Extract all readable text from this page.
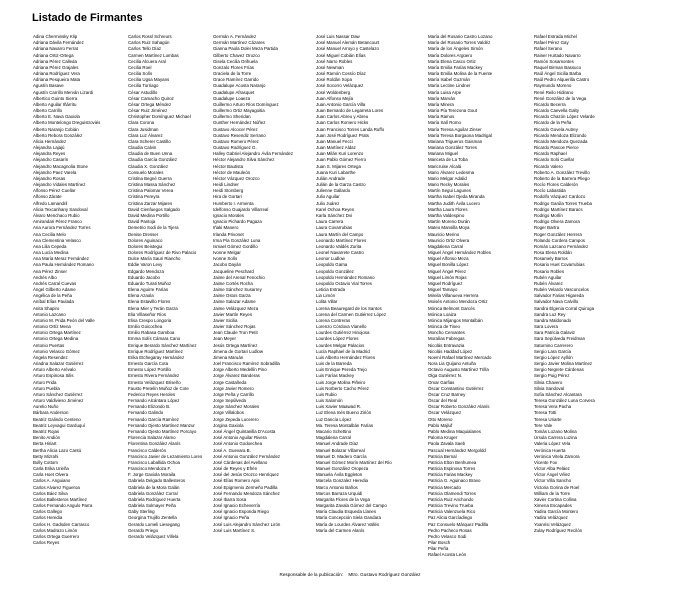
Listado de Firmantes
Adina Cherminsky Klip
Adriana Dávila Fernández
Adriana Navarro Ferrat
Adriana Ortiz-Ortega
Adriana Pérez Calleda
Adriana Pérez Grajales
Adriana Rodríguez Vera
Adriana Pesqueira Mata
Agustín Basave
Agustín Carrillo Merván Lizardi
Albertico Guinto Sierra
Alberto Aguilar Iñárritu
Alberto Carrillo
Alberto E. Nava Gaxiola
Alberto Montelongo Dreguistroviés
Alberto Naranjo Cobián
Alberto Rebora González
Alicia Hernández
Alejandra Lajajú
Alejandra Reyes
Alejandro Casarín
Alejandro Macagnolia Stone
Alejandro Paez Varela
Alejandro Rosas
Alejandro Vidales Martínez
Alfonso Pérez Cuellar
Alfonso Zárate
Alfredo Lamandril
Alicia Texcanhany Sandoval
Álvaro Menchaco Rubio
Amirandari Pérez Franco
Ana Aurora Fernández Torres
Ana Cecilia Melo
Ana Clementina Velasco
Ana Lilia Cepeda
Ana Lucía Medina
Ana María Meraz Fernández
Ana Paula Hernández Romano
Ana Pérez Zinser
Andrés Albo
Andrés Carral Cuevas
Ángel Gilberto Adame
Angélica de la Peña
Aníbal Elías Paulada
Anita Shapiro
Antonio Lazcano
Antonio M. Prida Peón del Valle
Antonio Ortíz Mena
Antonio Ortega Martínez
Antonio Ortega Medina
Antonio Puertas
Antonio Velasco Gómez
Ángela Resendez
Ariadna Salazar Gutiérrez
Arturo Alberto Arévalo
Arturo Espinosa Silis
Arturo Prida
Arturo Puebla
Arturo Sánchez Gutiérrez
Arturo Valdivieso Jiménez
Aurelio Nuño
Bárbara Anderson
Beatriz Galindo Centeno
Beatriz Leyvagui Garduquí
Beatriz Rojas
Benito Andión
Berta Hiriart
Bertha Alicia Lazo Cantú
Betty Mizrahi
Bolly Cottom
Carla Erika Urieña
Carla Hoet Olvera
Carlos A. Anguiano
Carlos Alvarez Figueroa
Carlos Báez Silva
Carlos Ballesteros Martínez
Carlos Fernando Angulo Parra
Carlos Gallego
Carlos Heredia
Carlos H. Gadsden Carrasco
Carlos Madrazo Limón
Carlos Ortega Guerrero
Carlos Reyes
Carlos Rossl Schreurs
Carlos Ruiz Sahagún
Carlos Tello Díaz
Carmen Martínez Lombas
Cecilia Alcuera Aral
Cecilia Roel
Cecilia Solís
Cecilia Ugsa Mayans
Cecilia Turriago
César Astudillo
César Camacho Quiroz
César Ortega Méndez
César Ruiz Jiménez
Christopher Domínguez Michael
Clara Corona
Clara Jusidman
Clara Luz Álvarez
Clara Scherer Castillo
Claudia Calvin
Claudia de Buen Unna
Claudia García González
Claudia X. González
Consuelo Morales
Cristina Begné Guerra
Cristina Massa Sánchez
Cristina Palomar Verea
Cristina Pereyra
Cristina Zarzar Mijares
David Cienfuegos Salgado
David Medina Portillo
David Pantoja
Demetrio Sodi de la Tijera
Denise Dresser
Dolores Aguinaco
Dolores Beistegui
Dolores Rodríguez de Rivo Palacio
Dulce María Sauri Riancho
Eddie Varon Levy
Edgardo Mendoza
Eduardo Jacobo
Eduardo Turati Muñoz
Elena Aguirre Farías
Elena Azaola
Elena Estavillo Flores
Elena Mier y Terán Garza
Elia Villaseñor Ríos
Elisa Crespo Longoria
Emilio Goicochea
Emilio Rabasa Gamboa
Emma Solís Cámara Cano
Enrique Berardo Sánchez Martínez
Enrique Rodríguez Martínez
Erika Etchegaray Hernández
Ernesto García Cota
Ernesto López Portillo
Ernesto Rivera Fernández
Ernesto Velázquez Briseño
Fausto Pretelín Muñoz de Cote
Federico Reyes Heroles
Fernando Alcántara López
Fernando Elizondo B.
Fernando Galindo
Fernando García Ramírez
Fernando Ojesto Martínez Manzur
Fernando Ojesto Martínez Porcayo
Florencia Salazar Alamo
Florentina González Alanís
Francisco Calderón
Francisco Javier de Lezamiento Lores
Francisco Laballida Ochoa
Francisco Mendoza F.
F. Jorge Gaxiola Moraila
Gabriela Delgado Ballesteros
Gabriela de la Mora Galán
Gabriela González Corral
Gabriela Rodríguez Huerta
Gabriela Solmayer Peña
Gaby Sterling
Georgina Trujillo Zentella
Gerardo Lomeli Liesegang
Gerardo Priego
Gerardo Velázquez Villela
Germán A. Fernández
Germán Martínez Cázares
Gianna Paola Dolei Meza Partida
Gilberto Chavez Orozco
Gisela Cecilia Orihuela
Gonzalo Flores Frías
Graciela de la Torre
Grace Ramírez Garrido
Guadalupe Acosta Naranjo
Guadalupe Afrasquet
Guadalupe Loaeza
Guillermo Arturo Ríos Domínguez
Guillermo Ortiz Mayagoitia
Guillermo Sheridan
Gunther Hernández Núñez
Gustavo Alcocer Pérez
Gustavo Resendiz Serrano
Gustavo Romero Pérez
Gustavo Rodríguez G.
Halley Gabriel Alejandro Ávila Fernández
Héctor Alejandro Silva Sánchez
Héctor Bautista
Héctor de Mauleón
Héctor Vázquez Orozco
Heidi Lindner
Heidi Storsberg
Hira de Gortari
Humberto I. Armenta
Idelfonso Guajardo Villarreal
Ignacio Morales
Ignacio Pichardo Pagaza
Iñaki Manero
Irlanda Privonet
Irma Pía González Luna
Ismael Gómez Gordillo
Ivonne Melgar
Ivonne Solís
Jacobo Dayán
Jacqueline Peschard
Jaime del Arenal Fenochio
Jaime Cortés Rocha
Jaime Sánchez Susarrey
Jaime Ostos Garza
Jaime Salazar Adame
Jaime Velázquez Meza
Javier Martín Reyes
Javier Sicilia
Javier Sánchez Rojas
Jean Claude Tron Petit
Jean Meyer
Jesús Ortega Martínez
Jimena de Gortari Ludlow
Jimena Maruán
Joel Francisco Ramírez Sobradilla
Jorge Alberto Medellín Pino
Jorge Álvarez Banderas
Jorge Castañeda
Jorge Javier Romero
Jorge Peña y Carrillo
Jorge Sepúlveda
Jorge Sánchez Morales
Jorge Villalobos
Jorge Zepeda Lucerero
Jorgina Gaxiola
José Ángel Quintanilla D'Acosta
José Antonio Aguilar Rivera
José Antonio Godoechea
José A. Guevara B.
José Antonio González Fernández
José Cárdenas del Avellano
José de Reyes y Efrén
José del Jesús Orozco Henríquez
José Elías Romero Apis
José Epigmenio Zermeño Padilla
José Fernando Mendoza Sánchez
José Ibarra Sosa
José Ignacio Echeverría
José Ignacio Esponda Riego
José Ignacio Peña
José Luis Alejandro Sánchez Lirón
José Luis Martínez S.
José Luis Nassar Daw
José Manuel Alemán Betancourt
José Manuel Arroyo y Castelazo
José Miguel Cobián Elías
José Narro Robles
José Newman
José Ramón Cossío Díaz
José Roldán Xopa
José Socorro Velázquez
José Woldenberg
Juan Alfonso Mejía
Juan Antonio García Villa
Juan Bernardo de Legarreta Lores
Juan Carlos Abreu y Abreu
Juan Carlos Romero Hicks
Juan Francisco Torres Landa Ruffo
Juan José Rodríguez Prats
Juan Manuel Fecci
Juan Martínez Aldaz
Juan Milán Kuri Lorenzo
Juan Pablo Gómez Fierro
Juan S. Mijares Ortega
Juana Kuri Labarthe
Julián Andrade
Julián de la Garza Castro
Julienne Gallardo
Julio Aguilar
Julio Juárez
Karel Ochoa Reyes
Karla Sánchez Dvi
Laura Carrera
Laura Covarrubias
Laura Martín del Campo
Leonardo Martínez Flores
Leonardo Valdés Zurita
Leonel Navarrete Castro
Leonor Ludlow
Leopoldo Gama
Leopoldo González
Leopoldo Hernández Romano
Leopoldo Octavio Vial Torres
Leticia Estrada
Lia Limón
Lolita Villar
Lorena Beauregard de los Santos
Lorena del Carmen Gutiérrez López
Lorena Contreras
Lorenzo Córdova Vianello
Lourdes Gutiérrez Hinojosa
Lourdes López Flores
Lourdes Melgar Palacios
Lucía Raphael de la Madrid
Luis Alberto Hernández Flores
Luis de la Barreda
Luis Enrique Pereda Trejo
Luis Farías Mackey
Luis Jorge Molina Piñeiro
Luis Norberto Cacho Pérez
Luis Rubio
Luis Salomón
Luis Xavier Maawad R.
Luz Elena Inés Bueno Zirión
Luz Dancía López
Ma. Teresa Montalbán Farías
Macario Schettino
Magdalena Carral
Manuel Andrade Díaz
Manuel Bolazar Villarreal
Manuel D. Madero García
Manuel Gómez Morín Martínez del Río
Manuel González Oropeza
Manuela Ávila Eggleton
Marcela Gonzalez Heredia
Marco Antonio Baños
Marcos Barraza Urquidi
Margarita Flores de la Vega
Margarita Zavala Gómez del Campo
María Claudia Esqueda Llanes
María Concepción Siela Gandara
María de Lourdes Álvarez Vallés
María del Carmen Alanís
María del Rosario Castro Lozano
María del Rosario Torres Valdéz
María de los Ángeles Simón
María Dolores Argüero
María Elena Casco Ortiz
María Emilia Farías Mackey
María Emilia Molina de la Fuente
María Isabel Guzmán
María Lectine Lindner
María Luisa Arpe
María Marván
María Minera
María Pía Terezona Gout
María Ramos
María Salí Romo
María Teresa Aguilar Zinser
María Teresa Borgaona Madrigal
Mariana Trigueros Gaisman
Mariana González Torres
Mariana Miguel
Mariceta de La Toba
Maricruise Alcalá
Mario Álvarez Ledesma
Mario Melgar Adalid
Mario Recky Morales
Martín Segui Lagunes
Martha Isabel Ojeda Miranda
Martha Judith Ávila Lucero
Martha Laura Flores
Martha Valdespino
Martín Moreno Durán
Mateo Mansilla Moya
Mauricio Merino
Mauricio Ortiz Olvera
Magdalena Carral
Miguel Ángel Hernández Robles
Miguel Alfonso Meza
Miguel Bonilla López
Miguel Ángel Pérez
Miguel Limón Rojas
Miguel Rodríguez
Miguel Tamayo
Mireila Villanueva Herrera
Moisés Antonio Mendoza Ortiz
Mónica Belmont Garcés
Mónica Loaiza
Mónica Mijangos Montalbán
Mónica de Tiseo
Moncho Cervantes
Moralías Fabregas
Nicolás Entravazia
Nicolás Haddad López
Noemí Rafael Martínez Mercado
Nora Lia Quijano Antuña
Octavio Augusto Martínez Trilla
Olga Gutiérrez N.
Omar Garfias
Óscar Constantino Gutiérrez
Óscar Cruz Barney
Óscar del Real
Óscar Roberto González Alanís
Óscar Velázquez
Otto Moreno
Pablo Majluf
Pablo Medina Maquialanes
Paloma Kruger
Paola Zavala Saeb
Pascual Hernández Mergoldd
Patricia Bernal
Patricia Elton Benhumea
Patricia Espinosa Torres
Patricia Farias Mackey
Patricia G. Aguinaco Bravo
Patricia Mercado
Patricia Olamendi Torres
Patricia Ruiz Anchondo
Patricia Trevino Trueba
Patricia Valenzuela Rico
Paz Alicia Garcíadiego
Paz Consuelo Márquez Padilla
Pedro Pacheco Rosas
Pedro Velasco Sodi
Pilar Bosch
Pilar Peña
Rafael Acosta León
Rafael Estrada Michel
Rafael Pérez Gay
Rafael Serano
Rainer Hurtado Navarro
Ramón Sosamontes
Raquel Birman Bassuco
Raúl Ángel Sicilia Barba
Raúl Pedro Alquerilla Castro
Raymundo Moreno
René Reilo Hidirano
René González de la Vega
Ricardo Becerra
Ricardo Caevella Galty
Ricardo Chazón López Velarde
Ricardo de la Peña
Ricardo Govela Autrey
Ricardo Mendoza Elizondo
Ricardo Mendoza Quezada
Ricardo Pascoe Pierce
Ricardo Raphael
Ricardo Soló Cuellar
Ricardo Valero
Roberto A. González Trevillo
Roberto de la Barrera Pliego
Rocío Flores Calderón
Rocío Labastida
Rodolfo Vázquez Cardozo
Rodrigo Garúla Torres Trueba
Rodrigo Martínez Baracs
Rodrigo Morlín
Rodrigo Olvera Zamora
Roger Bartra
Roger González Herrera
Rolando Cordera Campos
Román Lazcano Fernández
Rosa Elena Roldán
Rosamely Barros
Rosario Huet Covarrubias
Rosario Robles
Rubén Aguilar
Rubén Álvarez
Rubén Velardo Vasconcelos
Salvador Farias Higareda
Salvador Nava Calvillo
Sandra Elgenia Corral Quiroga
Sandra Luz Rey
Sandra Maldonado
Sara Lovera
Sara Patricia Galaviz
Sara Sepúlveda Freidman
Saturnino Carrerero
Sergio Lara García
Sergio López Ayllón
Sergio Javier Molina Martínez
Sergio Negrete Cárdenas
Sergio Puig Pérez
Silvia Chavero
Silvia Sandoval
Sofia Sánchez Alcantara
Teresa González Luna Corvera
Teresa Vera Pacha
Teresa Totti
Teresa Uriarte
Tere Vale
Tomás Lozano Molina
Úrsula Carrera Luzina
Valeria López Vela
Verónica Huerta
Verónica Vitela Zamora
Vicente Fox
Víctor Alba Peláez
Víctor Ángel Vélez
Víctor Villa Sancho
Victoria Gorina de Roel
William de la Torre
Xavier Cortina Collina
Ximena Escapades
Yadira García Montero
Yadira Velázquez
Yoanrisi Velázquez
Zulay Rodríguez Recilón
Responsable de la publicación: Mtro. Gustavo Rodríguez González
